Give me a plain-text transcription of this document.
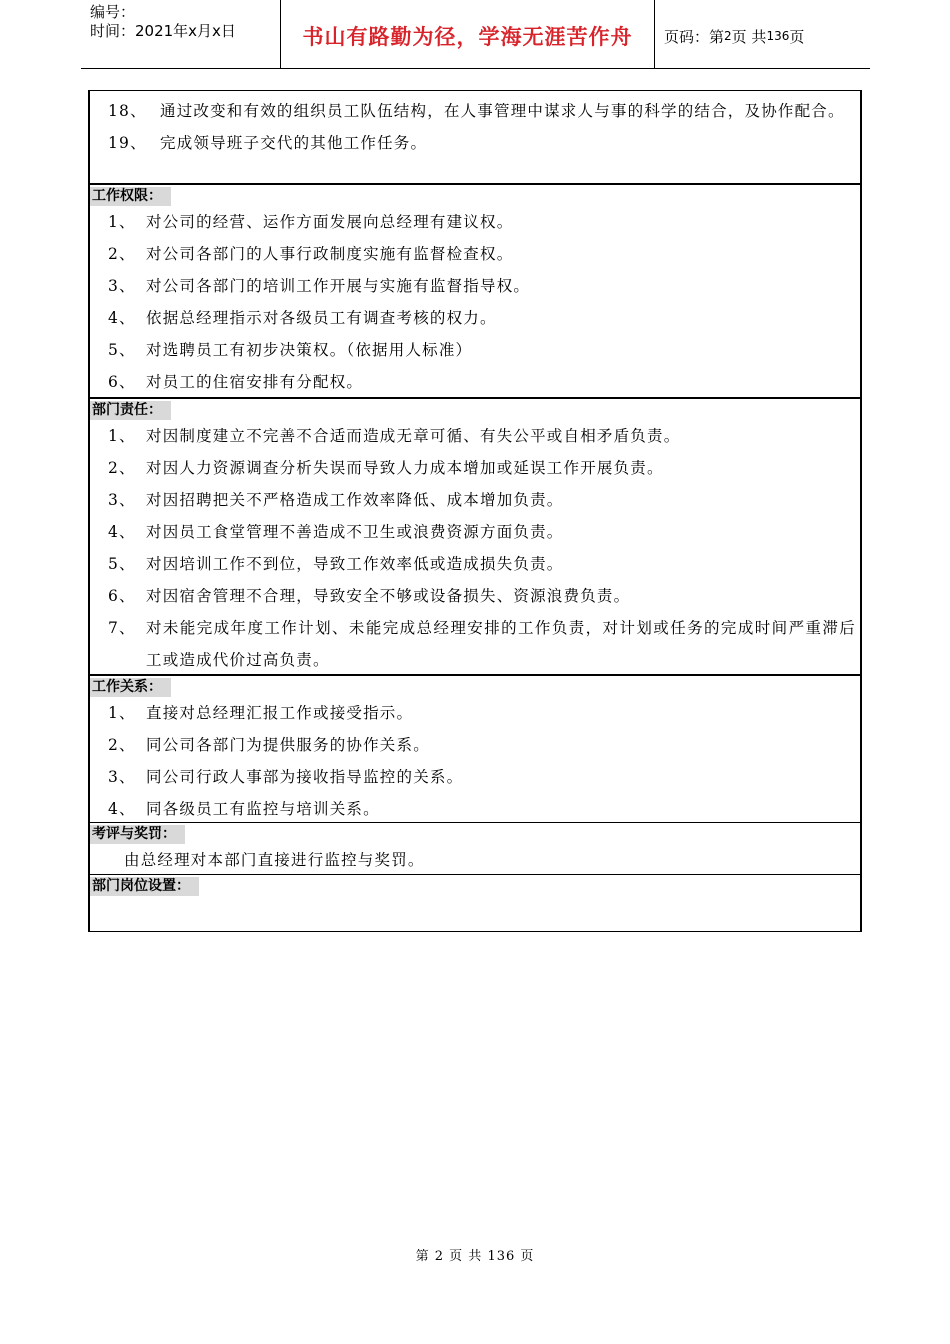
编号：
时间：2021年x月x日	书山有路勤为径，学海无涯苦作舟	页码：第 2 页 共 136 页
18、 通过改变和有效的组织员工队伍结构，在人事管理中谋求人与事的科学的结合，及协作配合。
19、 完成领导班子交代的其他工作任务。
工作权限：
1、 对公司的经营、运作方面发展向总经理有建议权。
2、 对公司各部门的人事行政制度实施有监督检查权。
3、 对公司各部门的培训工作开展与实施有监督指导权。
4、 依据总经理指示对各级员工有调查考核的权力。
5、 对选聘员工有初步决策权。（依据用人标准）
6、 对员工的住宿安排有分配权。
部门责任：
1、 对因制度建立不完善不合适而造成无章可循、有失公平或自相矛盾负责。
2、 对因人力资源调查分析失误而导致人力成本增加或延误工作开展负责。
3、 对因招聘把关不严格造成工作效率降低、成本增加负责。
4、 对因员工食堂管理不善造成不卫生或浪费资源方面负责。
5、 对因培训工作不到位，导致工作效率低或造成损失负责。
6、 对因宿舍管理不合理，导致安全不够或设备损失、资源浪费负责。
7、 对未能完成年度工作计划、未能完成总经理安排的工作负责，对计划或任务的完成时间严重滞后工或造成代价过高负责。
工作关系：
1、 直接对总经理汇报工作或接受指示。
2、 同公司各部门为提供服务的协作关系。
3、 同公司行政人事部为接收指导监控的关系。
4、 同各级员工有监控与培训关系。
考评与奖罚：
由总经理对本部门直接进行监控与奖罚。
部门岗位设置：
第 2 页 共 136 页
